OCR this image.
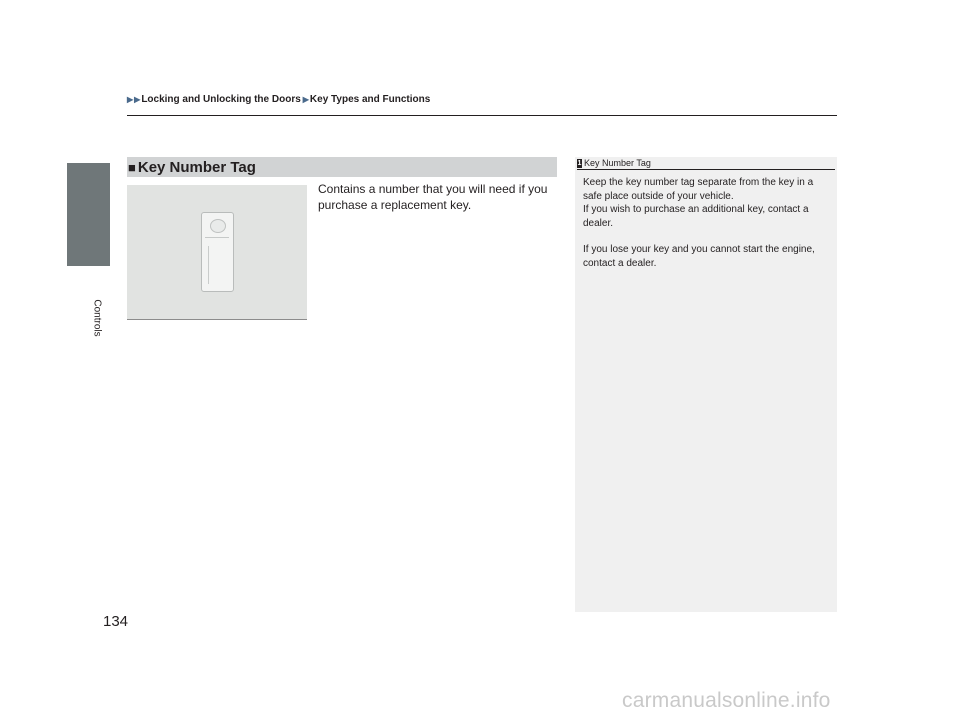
▶ ▶ Locking and Unlocking the Doors ▶ Key Types and Functions
Controls
■ Key Number Tag

Contains a number that you will need if you purchase a replacement key.

1 Key Number Tag

Keep the key number tag separate from the key in a safe place outside of your vehicle.

If you wish to purchase an additional key, contact a dealer.

If you lose your key and you cannot start the engine, contact a dealer.

134
carmanualsonline.info
